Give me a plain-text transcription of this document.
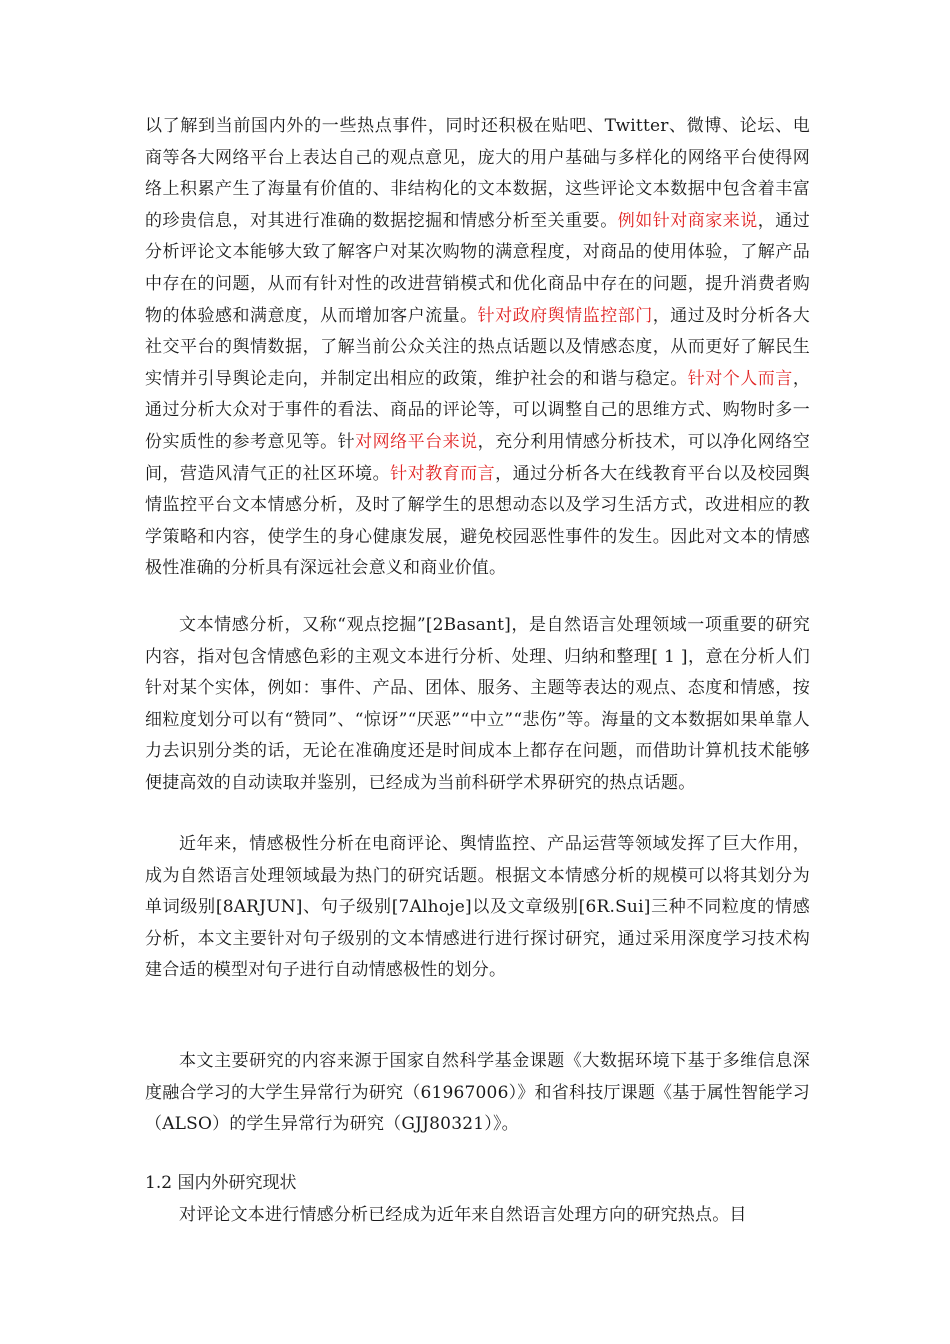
以了解到当前国内外的一些热点事件，同时还积极在贴吧、Twitter、微博、论坛、电商等各大网络平台上表达自己的观点意见，庞大的用户基础与多样化的网络平台使得网络上积累产生了海量有价值的、非结构化的文本数据，这些评论文本数据中包含着丰富的珍贵信息，对其进行准确的数据挖掘和情感分析至关重要。例如针对商家来说，通过分析评论文本能够大致了解客户对某次购物的满意程度，对商品的使用体验，了解产品中存在的问题，从而有针对性的改进营销模式和优化商品中存在的问题，提升消费者购物的体验感和满意度，从而增加客户流量。针对政府舆情监控部门，通过及时分析各大社交平台的舆情数据，了解当前公众关注的热点话题以及情感态度，从而更好了解民生实情并引导舆论走向，并制定出相应的政策，维护社会的和谐与稳定。针对个人而言，通过分析大众对于事件的看法、商品的评论等，可以调整自己的思维方式、购物时多一份实质性的参考意见等。针对网络平台来说，充分利用情感分析技术，可以净化网络空间，营造风清气正的社区环境。针对教育而言，通过分析各大在线教育平台以及校园舆情监控平台文本情感分析，及时了解学生的思想动态以及学习生活方式，改进相应的教学策略和内容，使学生的身心健康发展，避免校园恶性事件的发生。因此对文本的情感极性准确的分析具有深远社会意义和商业价值。

文本情感分析，又称“观点挖掘”[2Basant]，是自然语言处理领域一项重要的研究内容，指对包含情感色彩的主观文本进行分析、处理、归纳和整理[ 1 ]，意在分析人们针对某个实体，例如：事件、产品、团体、服务、主题等表达的观点、态度和情感，按细粒度划分可以有“赞同”、“惊讶”“厌恶”“中立”“悲伤”等。海量的文本数据如果单靠人力去识别分类的话，无论在准确度还是时间成本上都存在问题，而借助计算机技术能够便捷高效的自动读取并鉴别，已经成为当前科研学术界研究的热点话题。

近年来，情感极性分析在电商评论、舆情监控、产品运营等领域发挥了巨大作用，成为自然语言处理领域最为热门的研究话题。根据文本情感分析的规模可以将其划分为单词级别[8ARJUN]、句子级别[7Alhoje]以及文章级别[6R.Sui]三种不同粒度的情感分析，本文主要针对句子级别的文本情感进行进行探讨研究，通过采用深度学习技术构建合适的模型对句子进行自动情感极性的划分。

本文主要研究的内容来源于国家自然科学基金课题《大数据环境下基于多维信息深度融合学习的大学生异常行为研究（61967006）》和省科技厅课题《基于属性智能学习（ALSO）的学生异常行为研究（GJJ80321）》。

1.2 国内外研究现状

对评论文本进行情感分析已经成为近年来自然语言处理方向的研究热点。目
